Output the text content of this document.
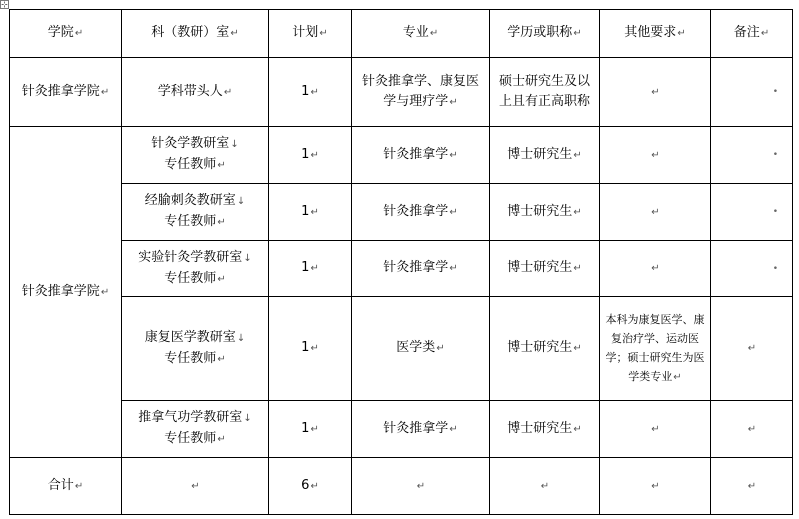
⊹
学院↵	科（教研）室↵	计划↵	专业↵	学历或职称↵	其他要求↵	备注↵
针灸推拿学院↵	学科带头人↵	1↵	针灸推拿学、康复医学与理疗学↵	硕士研究生及以上且有正高职称	↵	•

针灸推拿学院↵	针灸学教研室↓
专任教师↵	1↵	针灸推拿学↵	博士研究生↵	↵	•

	经腧刺灸教研室↓
专任教师↵	1↵	针灸推拿学↵	博士研究生↵	↵	•

	实验针灸学教研室↓
专任教师↵	1↵	针灸推拿学↵	博士研究生↵	↵	•

	康复医学教研室↓
专任教师↵	1↵	医学类↵	博士研究生↵	本科为康复医学、康复治疗学、运动医学；硕士研究生为医学类专业↵	↵
	推拿气功学教研室↓
专任教师↵	1↵	针灸推拿学↵	博士研究生↵	↵	↵
合计↵	↵	6↵	↵	↵	↵	↵
